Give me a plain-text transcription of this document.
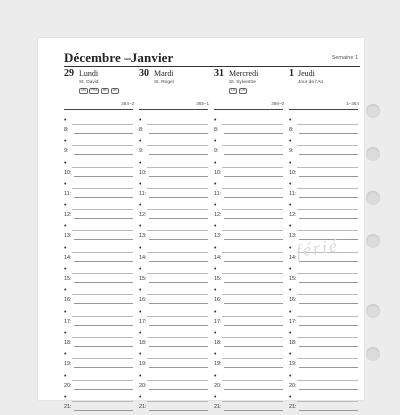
Décembre –Janvier	Semaine 1
29 Lundi
St. David
GB	FRA	BE	DE
364–2
•
8:
•
9:
•
10:
•
11:
•
12:
•
13:
•
14:
•
15:
•
16:
•
17:
•
18:
•
19:
•
20:
•
21:
30 Mardi
St. Roger
365–1
•
8:
•
9:
•
10:
•
11:
•
12:
•
13:
•
14:
•
15:
•
16:
•
17:
•
18:
•
19:
•
20:
•
21:
31 Mercredi
St. Sylvestre
LU	CH
366–0
•
8:
•
9:
•
10:
•
11:
•
12:
•
13:
•
14:
•
15:
•
16:
•
17:
•
18:
•
19:
•
20:
•
21:
1 Jeudi
Jour de l'An
1–364
•
8:
•
9:
•
10:
•
11:
•
12:
•
13:
•
14:
•
15:
•
16:
•
17:
•
18:
•
19:
•
20:
•
21:
férié
